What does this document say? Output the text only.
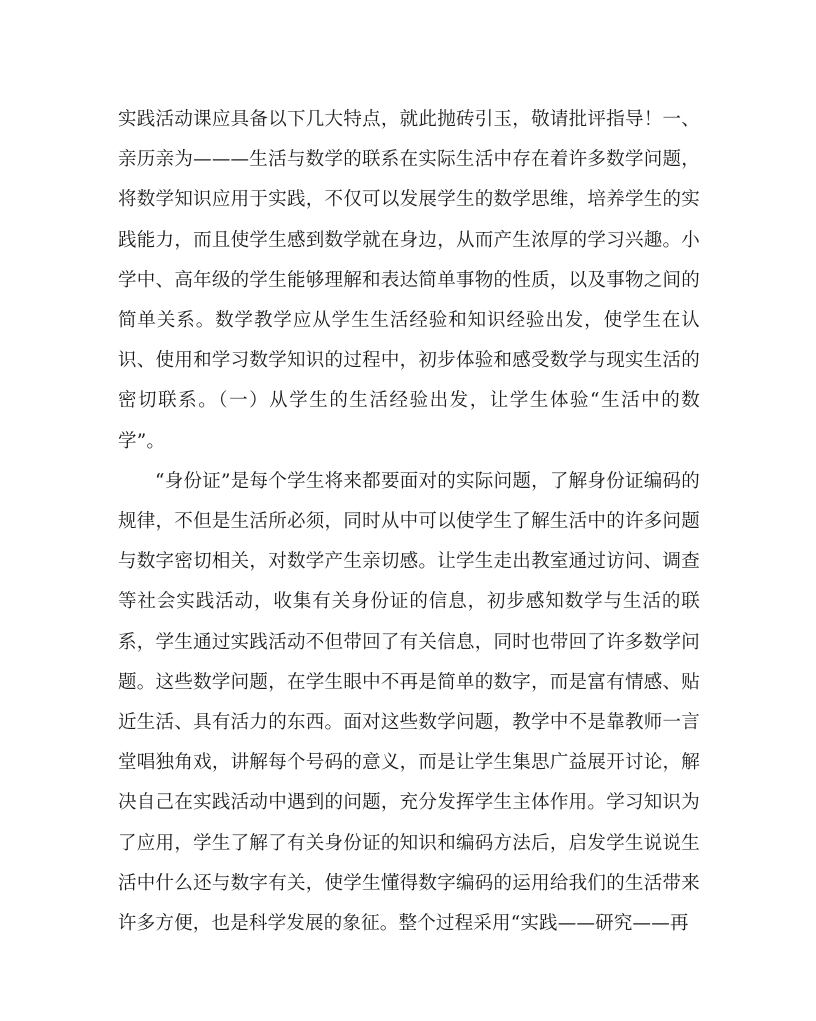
实践活动课应具备以下几大特点，就此抛砖引玉，敬请批评指导！一、亲历亲为———生活与数学的联系在实际生活中存在着许多数学问题，将数学知识应用于实践，不仅可以发展学生的数学思维，培养学生的实践能力，而且使学生感到数学就在身边，从而产生浓厚的学习兴趣。小学中、高年级的学生能够理解和表达简单事物的性质，以及事物之间的简单关系。数学教学应从学生生活经验和知识经验出发，使学生在认识、使用和学习数学知识的过程中，初步体验和感受数学与现实生活的密切联系。（一）从学生的生活经验出发，让学生体验“生活中的数学”。

“身份证”是每个学生将来都要面对的实际问题，了解身份证编码的规律，不但是生活所必须，同时从中可以使学生了解生活中的许多问题与数字密切相关，对数学产生亲切感。让学生走出教室通过访问、调查等社会实践活动，收集有关身份证的信息，初步感知数学与生活的联系，学生通过实践活动不但带回了有关信息，同时也带回了许多数学问题。这些数学问题，在学生眼中不再是简单的数字，而是富有情感、贴近生活、具有活力的东西。面对这些数学问题，教学中不是靠教师一言堂唱独角戏，讲解每个号码的意义，而是让学生集思广益展开讨论，解决自己在实践活动中遇到的问题，充分发挥学生主体作用。学习知识为了应用，学生了解了有关身份证的知识和编码方法后，启发学生说说生活中什么还与数字有关，使学生懂得数字编码的运用给我们的生活带来许多方便，也是科学发展的象征。整个过程采用“实践——研究——再
